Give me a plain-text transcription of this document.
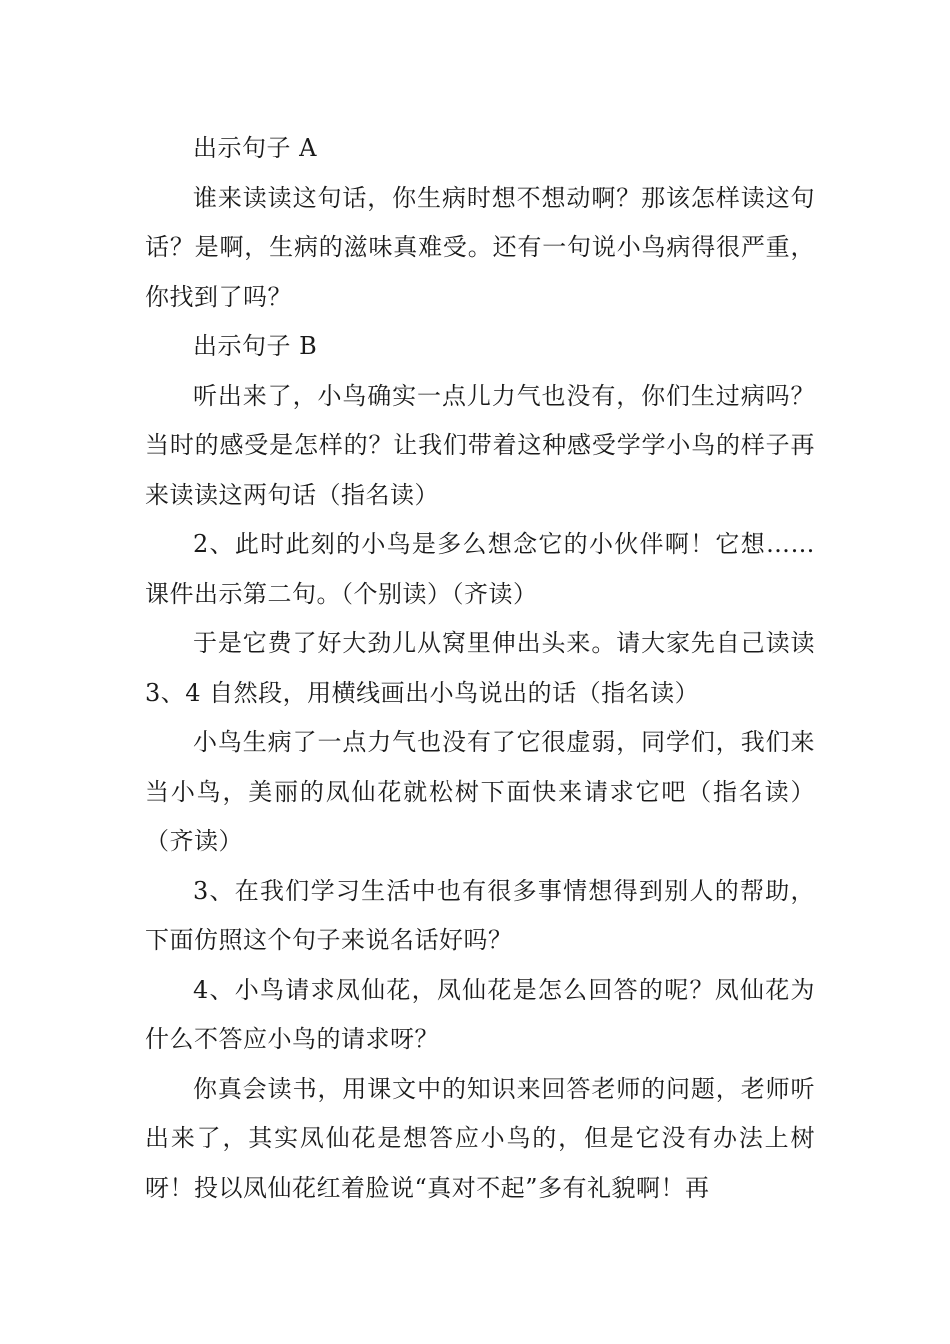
出示句子 A

谁来读读这句话，你生病时想不想动啊？那该怎样读这句话？是啊，生病的滋味真难受。还有一句说小鸟病得很严重，你找到了吗？

出示句子 B

听出来了，小鸟确实一点儿力气也没有，你们生过病吗？当时的感受是怎样的？让我们带着这种感受学学小鸟的样子再来读读这两句话（指名读）

2、此时此刻的小鸟是多么想念它的小伙伴啊！它想……课件出示第二句。（个别读）（齐读）

于是它费了好大劲儿从窝里伸出头来。请大家先自己读读 3、4 自然段，用横线画出小鸟说出的话（指名读）

小鸟生病了一点力气也没有了它很虚弱，同学们，我们来当小鸟，美丽的凤仙花就松树下面快来请求它吧（指名读）（齐读）

3、在我们学习生活中也有很多事情想得到别人的帮助，下面仿照这个句子来说名话好吗？

4、小鸟请求凤仙花，凤仙花是怎么回答的呢？凤仙花为什么不答应小鸟的请求呀？

你真会读书，用课文中的知识来回答老师的问题，老师听出来了，其实凤仙花是想答应小鸟的，但是它没有办法上树呀！投以凤仙花红着脸说“真对不起”多有礼貌啊！再
